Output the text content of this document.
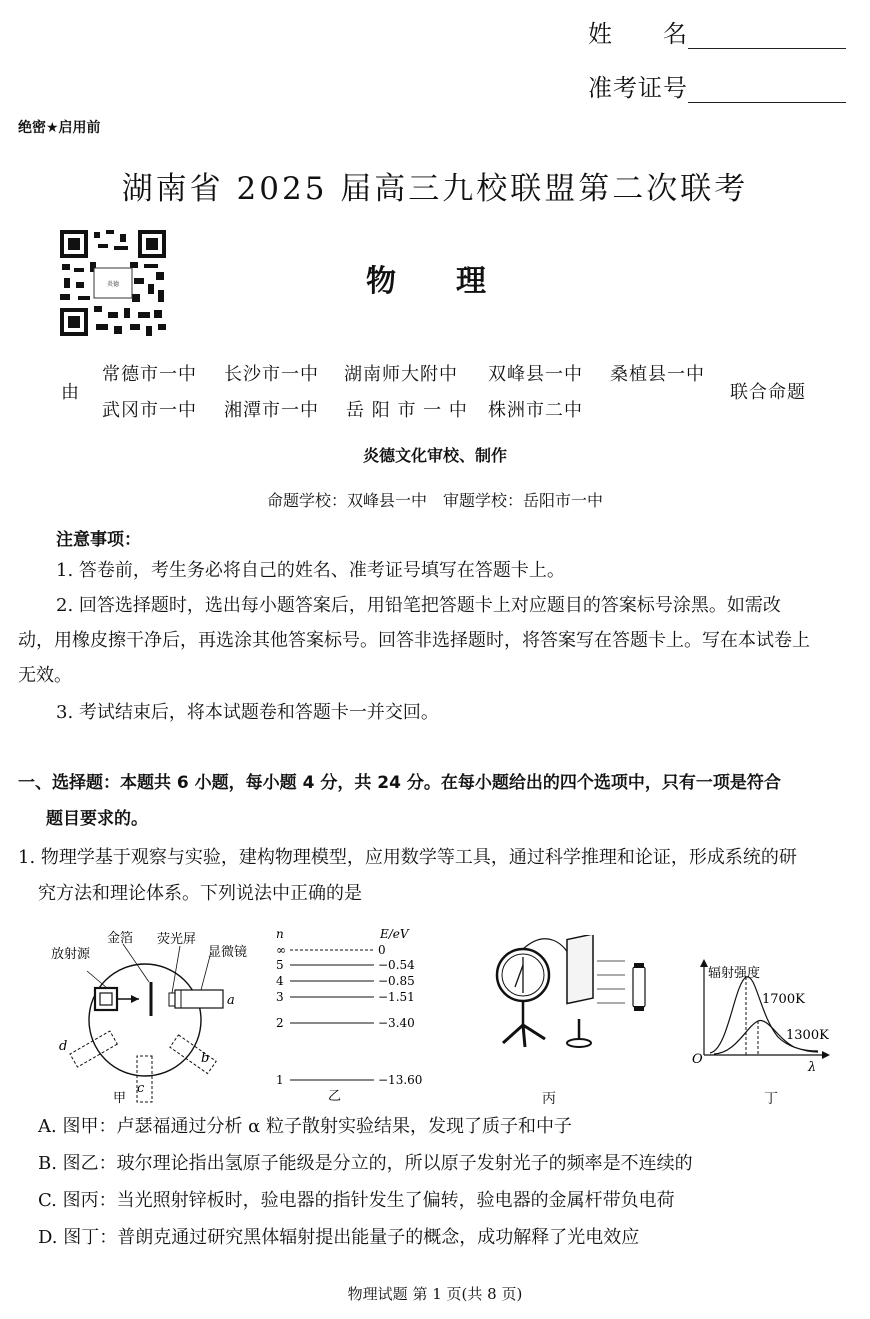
姓　　名
准考证号
绝密★启用前
湖南省 2025 届高三九校联盟第二次联考
炎德	物　　理
由
常德市一中 长沙市一中 湖南师大附中 双峰县一中 桑植县一中
武冈市一中 湘潭市一中 岳 阳 市 一 中 株洲市二中
联合命题
炎德文化审校、制作
命题学校：双峰县一中　审题学校：岳阳市一中
注意事项：
1. 答卷前，考生务必将自己的姓名、准考证号填写在答题卡上。
2. 回答选择题时，选出每小题答案后，用铅笔把答题卡上对应题目的答案标号涂黑。如需改
动，用橡皮擦干净后，再选涂其他答案标号。回答非选择题时，将答案写在答题卡上。写在本试卷上
无效。
3. 考试结束后，将本试题卷和答题卡一并交回。
一、选择题：本题共 6 小题，每小题 4 分，共 24 分。在每小题给出的四个选项中，只有一项是符合
题目要求的。
1. 物理学基于观察与实验，建构物理模型，应用数学等工具，通过科学推理和论证，形成系统的研
究方法和理论体系。下列说法中正确的是
放射源
金箔 荧光屏
显微镜
a
b
c
d
甲
∞	0
5	−0.54
4	−0.85
3	−1.51
2	−3.40
1	−13.60
n	E/eV
乙	丙
辐射强度
1700K
1300K
O
λ
丁
A. 图甲：卢瑟福通过分析 α 粒子散射实验结果，发现了质子和中子
B. 图乙：玻尔理论指出氢原子能级是分立的，所以原子发射光子的频率是不连续的
C. 图丙：当光照射锌板时，验电器的指针发生了偏转，验电器的金属杆带负电荷
D. 图丁：普朗克通过研究黑体辐射提出能量子的概念，成功解释了光电效应
物理试题 第 1 页(共 8 页)
